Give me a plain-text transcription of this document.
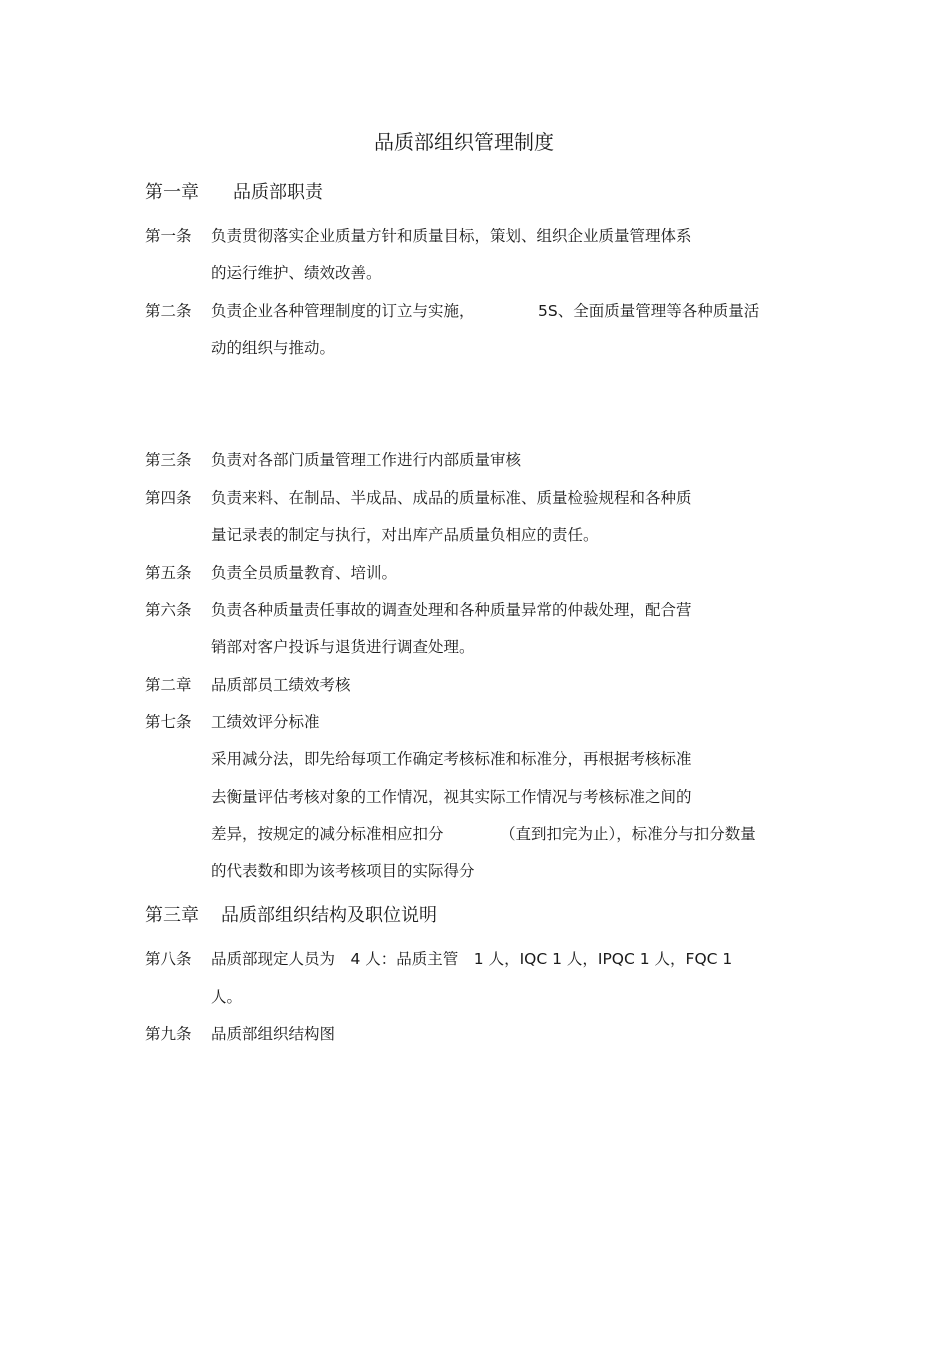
品质部组织管理制度
第一章 品质部职责
第一条 负责贯彻落实企业质量方针和质量目标，策划、组织企业质量管理体系
的运行维护、绩效改善。
第二条 负责企业各种管理制度的订立与实施，	5S、全面质量管理等各种质量活
动的组织与推动。
第三条 负责对各部门质量管理工作进行内部质量审核
第四条 负责来料、在制品、半成品、成品的质量标准、质量检验规程和各种质
量记录表的制定与执行，对出库产品质量负相应的责任。
第五条 负责全员质量教育、培训。
第六条 负责各种质量责任事故的调查处理和各种质量异常的仲裁处理，配合营
销部对客户投诉与退货进行调查处理。
第二章 品质部员工绩效考核
第七条 工绩效评分标准
采用减分法，即先给每项工作确定考核标准和标准分，再根据考核标准
去衡量评估考核对象的工作情况，视其实际工作情况与考核标准之间的
差异，按规定的减分标准相应扣分	（直到扣完为止），标准分与扣分数量
的代表数和即为该考核项目的实际得分
第三章 品质部组织结构及职位说明
第八条 品质部现定人员为　4 人：品质主管　1 人，IQC 1 人，IPQC 1 人，FQC 1
人。
第九条 品质部组织结构图
